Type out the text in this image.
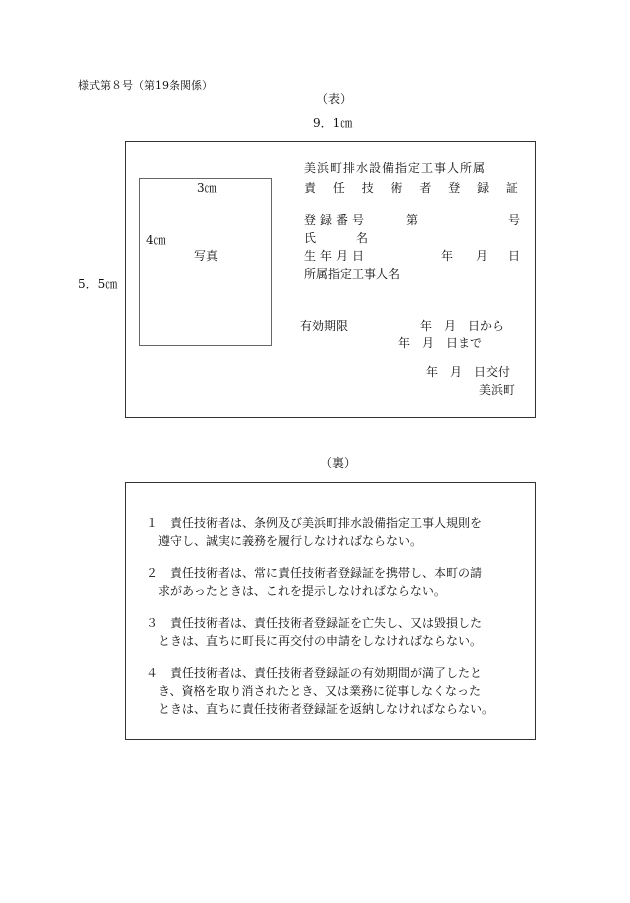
様式第８号（第19条関係）
（表）
9．1㎝
5．5㎝
3㎝
4㎝
写真
美浜町排水設備指定工事人所属
責 任 技 術 者 登 録 証
登録番号	第	号
氏	名
生年月日	年 月 日
所属指定工事人名
有効期限	年　月　日から
年　月　日まで
年　月　日交付
美浜町
（裏）
１　 責任技術者は、条例及び美浜町排水設備指定工事人規則を
遵守し、誠実に義務を履行しなければならない。
２　 責任技術者は、常に責任技術者登録証を携帯し、本町の請
求があったときは、これを提示しなければならない。
３　 責任技術者は、責任技術者登録証を亡失し、又は毀損した
ときは、直ちに町長に再交付の申請をしなければならない。
４　 責任技術者は、責任技術者登録証の有効期間が満了したと
き、資格を取り消されたとき、又は業務に従事しなくなった
ときは、直ちに責任技術者登録証を返納しなければならない。
